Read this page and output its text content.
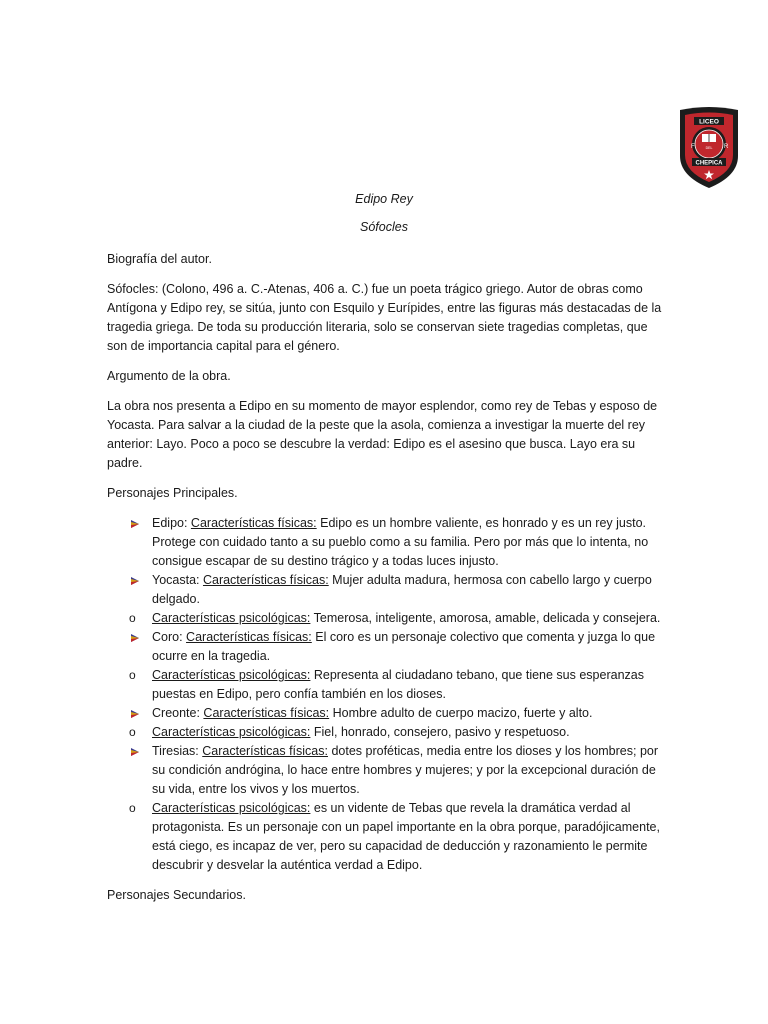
LICEO
F	R
DEL
CHEPICA
Edipo Rey
Sófocles

Biografía del autor.

Sófocles: (Colono, 496 a. C.-Atenas, 406 a. C.) fue un poeta trágico griego. Autor de obras como Antígona y Edipo rey, se sitúa, junto con Esquilo y Eurípides, entre las figuras más destacadas de la tragedia griega. De toda su producción literaria, solo se conservan siete tragedias completas, que son de importancia capital para el género.

Argumento de la obra.

La obra nos presenta a Edipo en su momento de mayor esplendor, como rey de Tebas y esposo de Yocasta. Para salvar a la ciudad de la peste que la asola, comienza a investigar la muerte del rey anterior: Layo. Poco a poco se descubre la verdad: Edipo es el asesino que busca. Layo era su padre.

Personajes Principales.

Edipo: Características físicas: Edipo es un hombre valiente, es honrado y es un rey justo. Protege con cuidado tanto a su pueblo como a su familia. Pero por más que lo intenta, no consigue escapar de su destino trágico y a todas luces injusto.
Yocasta: Características físicas: Mujer adulta madura, hermosa con cabello largo y cuerpo delgado.
o Características psicológicas: Temerosa, inteligente, amorosa, amable, delicada y consejera.
Coro: Características físicas: El coro es un personaje colectivo que comenta y juzga lo que ocurre en la tragedia.
o Características psicológicas: Representa al ciudadano tebano, que tiene sus esperanzas puestas en Edipo, pero confía también en los dioses.
Creonte: Características físicas: Hombre adulto de cuerpo macizo, fuerte y alto.
o Características psicológicas: Fiel, honrado, consejero, pasivo y respetuoso.
Tiresias: Características físicas: dotes proféticas, media entre los dioses y los hombres; por su condición andrógina, lo hace entre hombres y mujeres; y por la excepcional duración de su vida, entre los vivos y los muertos.
o Características psicológicas: es un vidente de Tebas que revela la dramática verdad al protagonista. Es un personaje con un papel importante en la obra porque, paradójicamente, está ciego, es incapaz de ver, pero su capacidad de deducción y razonamiento le permite descubrir y desvelar la auténtica verdad a Edipo.

Personajes Secundarios.
